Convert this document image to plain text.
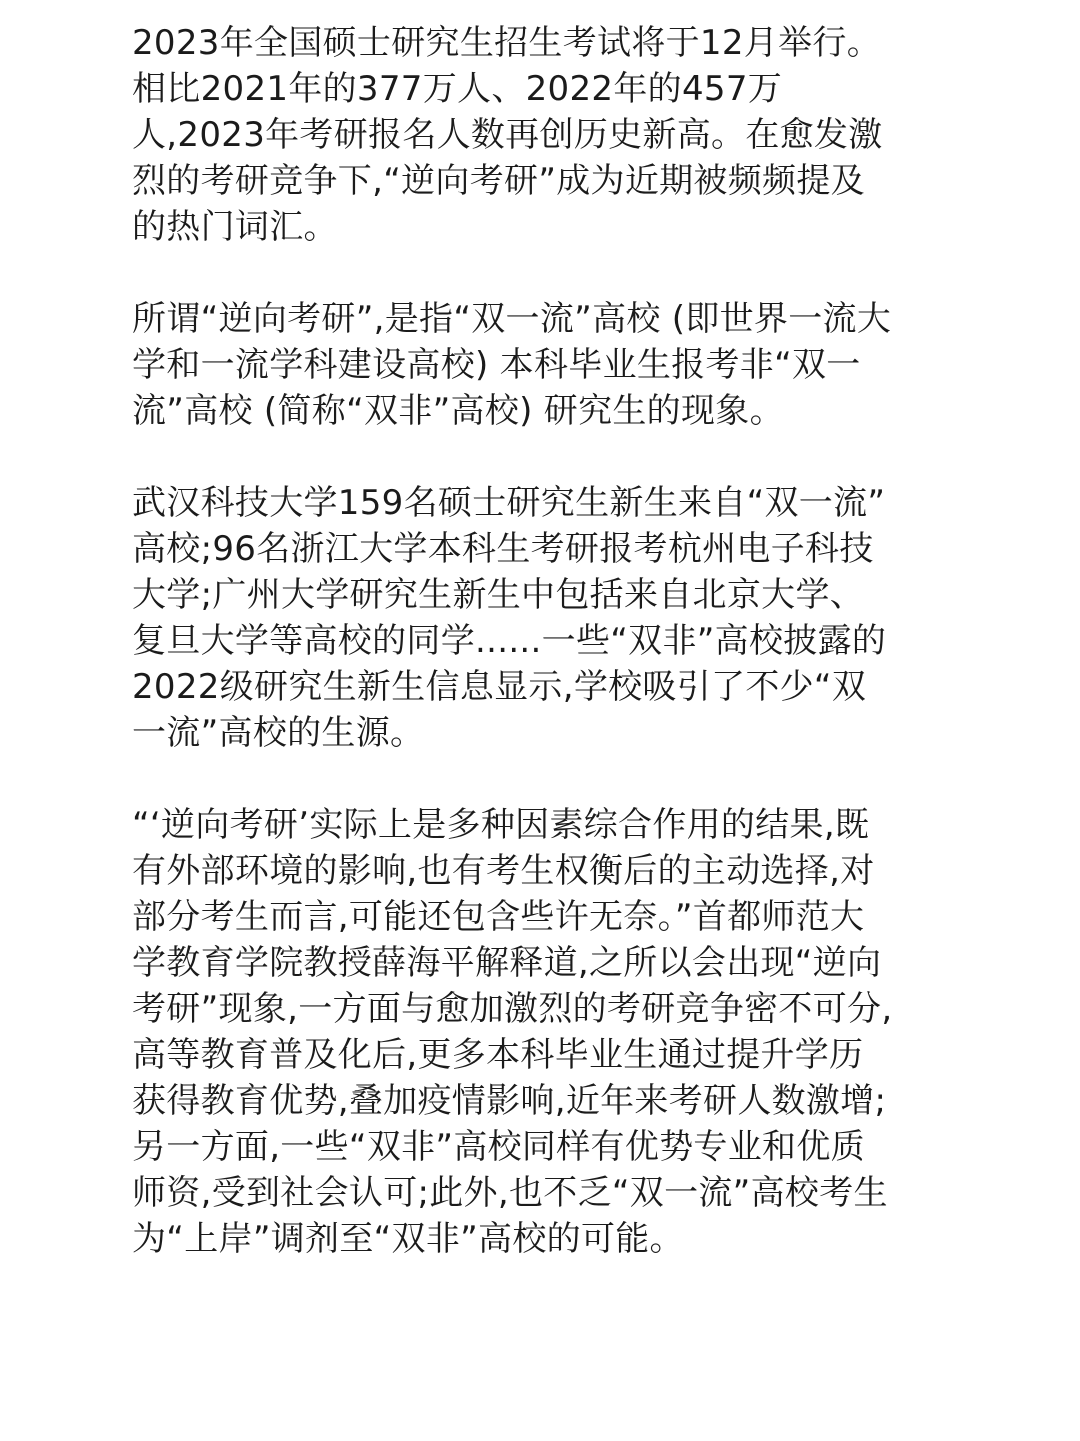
2023年全国硕士研究生招生考试将于12月举行。
相比2021年的377万人、2022年的457万
人,2023年考研报名人数再创历史新高。在愈发激
烈的考研竞争下,“逆向考研”成为近期被频频提及
的热门词汇。

所谓“逆向考研”,是指“双一流”高校 (即世界一流大
学和一流学科建设高校) 本科毕业生报考非“双一
流”高校 (简称“双非”高校) 研究生的现象。

武汉科技大学159名硕士研究生新生来自“双一流”
高校;96名浙江大学本科生考研报考杭州电子科技
大学;广州大学研究生新生中包括来自北京大学、
复旦大学等高校的同学......一些“双非”高校披露的
2022级研究生新生信息显示,学校吸引了不少“双
一流”高校的生源。

“‘逆向考研’实际上是多种因素综合作用的结果,既
有外部环境的影响,也有考生权衡后的主动选择,对
部分考生而言,可能还包含些许无奈。”首都师范大
学教育学院教授薛海平解释道,之所以会出现“逆向
考研”现象,一方面与愈加激烈的考研竞争密不可分,
高等教育普及化后,更多本科毕业生通过提升学历
获得教育优势,叠加疫情影响,近年来考研人数激增;
另一方面,一些“双非”高校同样有优势专业和优质
师资,受到社会认可;此外,也不乏“双一流”高校考生
为“上岸”调剂至“双非”高校的可能。
